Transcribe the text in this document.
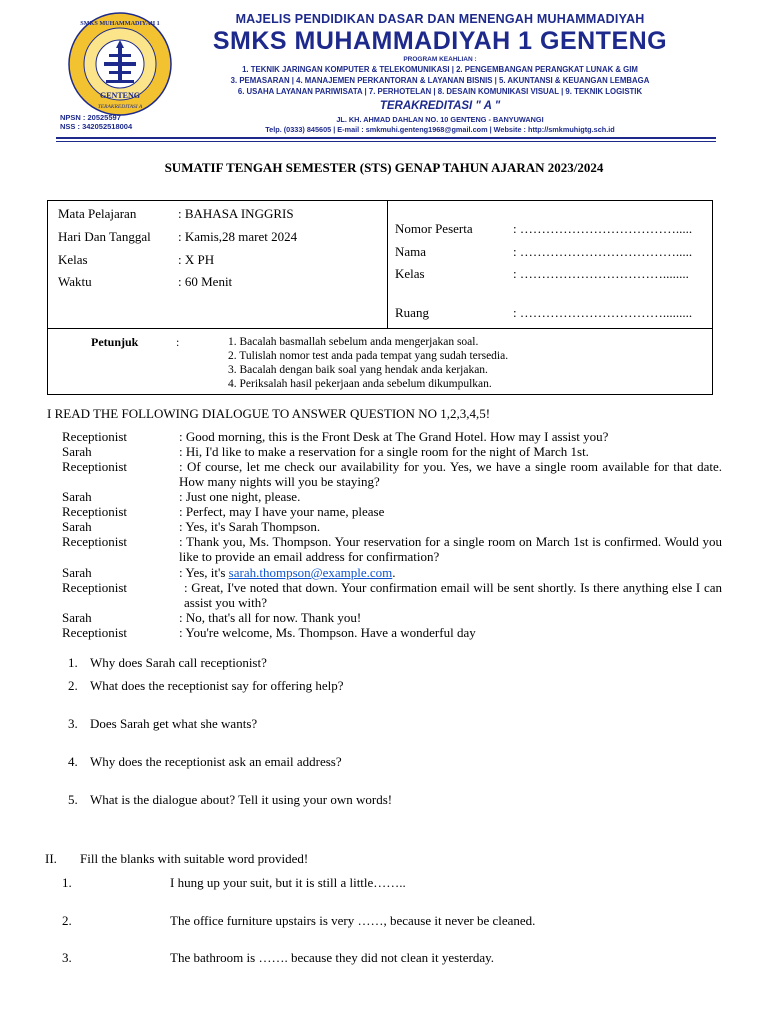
SMKS MUHAMMADIYAH 1
GENTENG
TERAKREDITASI A
NPSN : 20525597
NSS : 342052518004
MAJELIS PENDIDIKAN DASAR DAN MENENGAH MUHAMMADIYAH
SMKS MUHAMMADIYAH 1 GENTENG
PROGRAM KEAHLIAN :
1. TEKNIK JARINGAN KOMPUTER & TELEKOMUNIKASI | 2. PENGEMBANGAN PERANGKAT LUNAK & GIM
3. PEMASARAN | 4. MANAJEMEN PERKANTORAN & LAYANAN BISNIS | 5. AKUNTANSI & KEUANGAN LEMBAGA
6. USAHA LAYANAN PARIWISATA | 7. PERHOTELAN | 8. DESAIN KOMUNIKASI VISUAL | 9. TEKNIK LOGISTIK
TERAKREDITASI " A "
JL. KH. AHMAD DAHLAN NO. 10 GENTENG - BANYUWANGI
Telp. (0333) 845605 | E-mail : smkmuhi.genteng1968@gmail.com | Website : http://smkmuhigtg.sch.id
SUMATIF TENGAH SEMESTER (STS) GENAP TAHUN AJARAN 2023/2024
Mata Pelajaran	: BAHASA INGGRIS
Hari Dan Tanggal : Kamis,28 maret 2024
Kelas	: X PH
Waktu	: 60 Menit
Nomor Peserta	: ……………………………….....
Nama	: ……………………………….....
Kelas	: ……………………………........
Ruang	: …………………………….........
Petunjuk	:	1. Bacalah basmallah sebelum anda mengerjakan soal.
2. Tulislah nomor test anda pada tempat yang sudah tersedia.
3. Bacalah dengan baik soal yang hendak anda kerjakan.
4. Periksalah hasil pekerjaan anda sebelum dikumpulkan.
I READ THE FOLLOWING DIALOGUE TO ANSWER QUESTION NO 1,2,3,4,5!
Receptionist	: Good morning, this is the Front Desk at The Grand Hotel. How may I assist you?
Sarah	: Hi, I'd like to make a reservation for a single room for the night of March 1st.
Receptionist	: Of course, let me check our availability for you. Yes, we have a single room available for that date. How many nights will you be staying?
Sarah	: Just one night, please.
Receptionist	: Perfect, may I have your name, please
Sarah	: Yes, it's Sarah Thompson.
Receptionist	: Thank you, Ms. Thompson. Your reservation for a single room on March 1st is confirmed. Would you like to provide an email address for confirmation?
Sarah	: Yes, it's sarah.thompson@example.com.
Receptionist	: Great, I've noted that down. Your confirmation email will be sent shortly. Is there anything else I can assist you with?
Sarah	: No, that's all for now. Thank you!
Receptionist	: You're welcome, Ms. Thompson. Have a wonderful day
1. Why does Sarah call receptionist?
2. What does the receptionist say for offering help?
3. Does Sarah get what she wants?
4. Why does the receptionist ask an email address?
5. What is the dialogue about? Tell it using your own words!
II. Fill the blanks with suitable word provided!
1.	I hung up your suit, but it is still a little……..
2.	The office furniture upstairs is very ……, because it never be cleaned.
3.	The bathroom is ……. because they did not clean it yesterday.
